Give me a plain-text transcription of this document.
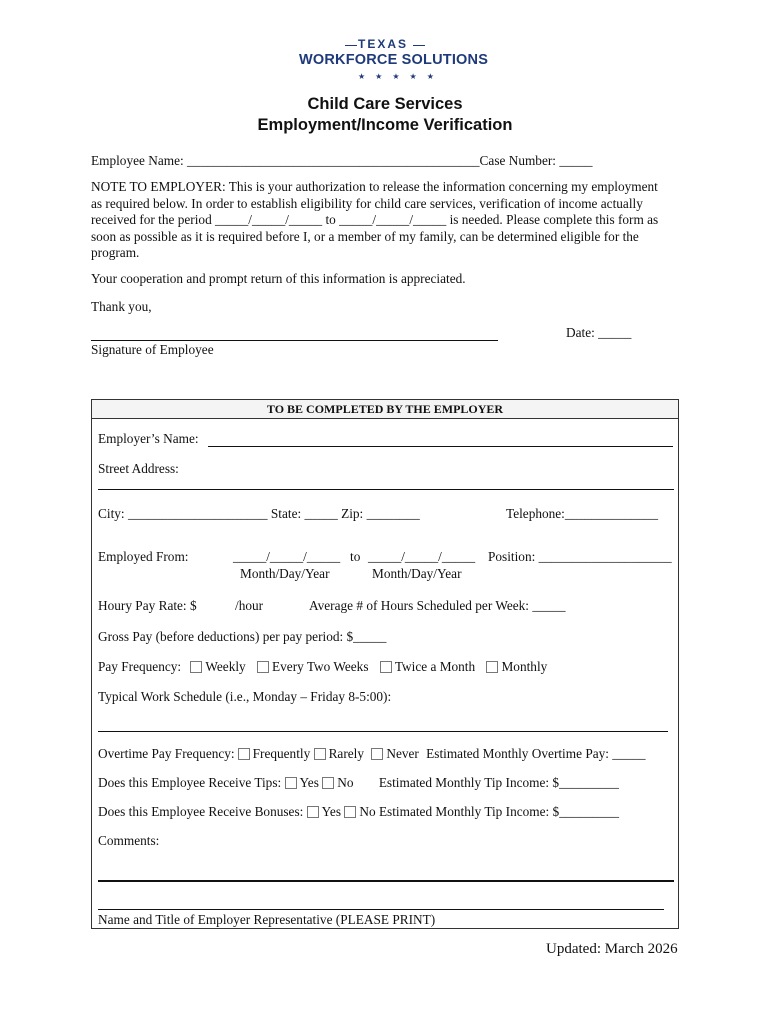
TEXAS
WORKFORCE SOLUTIONS
★ ★ ★ ★ ★
Child Care Services
Employment/Income Verification
Employee Name: ____________________________________________Case Number: _____
NOTE TO EMPLOYER: This is your authorization to release the information concerning my employment as required below. In order to establish eligibility for child care services, verification of income actually received for the period _____/_____/_____ to _____/_____/_____ is needed. Please complete this form as soon as possible as it is required before I, or a member of my family, can be determined eligible for the program.
Your cooperation and prompt return of this information is appreciated.
Thank you,
Date: _____
Signature of Employee
TO BE COMPLETED BY THE EMPLOYER
Employer’s Name:
Street Address:
City: _____________________ State: _____ Zip: ________	Telephone:______________
Employed From:	_____/_____/_____ to _____/_____/_____
Month/Day/Year	Month/Day/Year
Position: ____________________
Houry Pay Rate: $	/hour	Average # of Hours Scheduled per Week: _____
Gross Pay (before deductions) per pay period: $_____
Pay Frequency: Weekly Every Two Weeks Twice a Month Monthly
Typical Work Schedule (i.e., Monday – Friday 8-5:00):
Overtime Pay Frequency: Frequently Rarely Never Estimated Monthly Overtime Pay: _____
Does this Employee Receive Tips: Yes No Estimated Monthly Tip Income: $_________
Does this Employee Receive Bonuses: Yes No Estimated Monthly Tip Income: $_________
Comments:
Name and Title of Employer Representative (PLEASE PRINT)
Updated: March 2026
